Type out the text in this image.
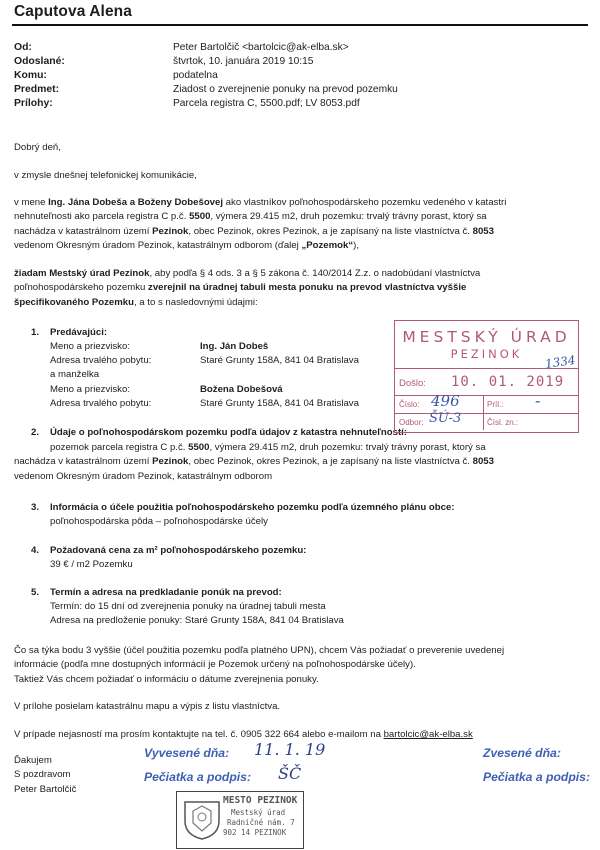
Caputova Alena
Od:	Peter Bartolčič <bartolcic@ak-elba.sk>
Odoslané:	štvrtok, 10. januára 2019 10:15
Komu:	podatelna
Predmet:	Ziadost o zverejnenie ponuky na prevod pozemku
Prílohy:	Parcela registra C, 5500.pdf; LV 8053.pdf
Dobrý deň,
v zmysle dnešnej telefonickej komunikácie,
v mene Ing. Jána Dobeša a Boženy Dobešovej ako vlastníkov poľnohospodárskeho pozemku vedeného v katastri
nehnuteľnosti ako parcela registra C p.č. 5500, výmera 29.415 m2, druh pozemku: trvalý trávny porast, ktorý sa
nachádza v katastrálnom území Pezinok, obec Pezinok, okres Pezinok, a je zapísaný na liste vlastníctva č. 8053
vedenom Okresným úradom Pezinok, katastrálnym odborom (ďalej „Pozemok“),
žiadam Mestský úrad Pezinok, aby podľa § 4 ods. 3 a § 5 zákona č. 140/2014 Z.z. o nadobúdaní vlastníctva
poľnohospodárskeho pozemku zverejnil na úradnej tabuli mesta ponuku na prevod vlastníctva vyššie
špecifikovaného Pozemku, a to s nasledovnými údajmi:
1. Predávajúci:
Meno a priezvisko:	Ing. Ján Dobeš
Adresa trvalého pobytu:	Staré Grunty 158A, 841 04 Bratislava
a manželka
Meno a priezvisko:	Božena Dobešová
Adresa trvalého pobytu:	Staré Grunty 158A, 841 04 Bratislava
2. Údaje o poľnohospodárskom pozemku podľa údajov z katastra nehnuteľností:
pozemok parcela registra C p.č. 5500, výmera 29.415 m2, druh pozemku: trvalý trávny porast, ktorý sa
nachádza v katastrálnom území Pezinok, obec Pezinok, okres Pezinok, a je zapísaný na liste vlastníctva č. 8053
vedenom Okresným úradom Pezinok, katastrálnym odborom
3. Informácia o účele použitia poľnohospodárskeho pozemku podľa územného plánu obce:
poľnohospodárska pôda – poľnohospodárske účely
4. Požadovaná cena za m² poľnohospodárskeho pozemku:
39 € / m2 Pozemku
5. Termín a adresa na predkladanie ponúk na prevod:
Termín: do 15 dní od zverejnenia ponuky na úradnej tabuli mesta
Adresa na predloženie ponuky: Staré Grunty 158A, 841 04 Bratislava
Čo sa týka bodu 3 vyššie (účel použitia pozemku podľa platného UPN), chcem Vás požiadať o preverenie uvedenej
informácie (podľa mne dostupných informácií je Pozemok určený na poľnohospodárske účely).
Taktiež Vás chcem požiadať o informáciu o dátume zverejnenia ponuky.
V prílohe posielam katastrálnu mapu a výpis z listu vlastníctva.
V prípade nejasností ma prosím kontaktujte na tel. č. 0905 322 664 alebo e-mailom na bartolcic@ak-elba.sk
Ďakujem
S pozdravom
Peter Bartolčič
MESTSKÝ ÚRAD
PEZINOK
Došlo: 10. 01. 2019
1334
Číslo: 496	Príl.: -
Odbor: ŠÚ-3	Čísl. zn.:
Vyvesené dňa: 11. 1. 19
Pečiatka a podpis: ŠČ
Zvesené dňa:
Pečiatka a podpis:
MESTO PEZINOK
Mestský úrad
Radničné nám. 7
902 14 PEZINOK
